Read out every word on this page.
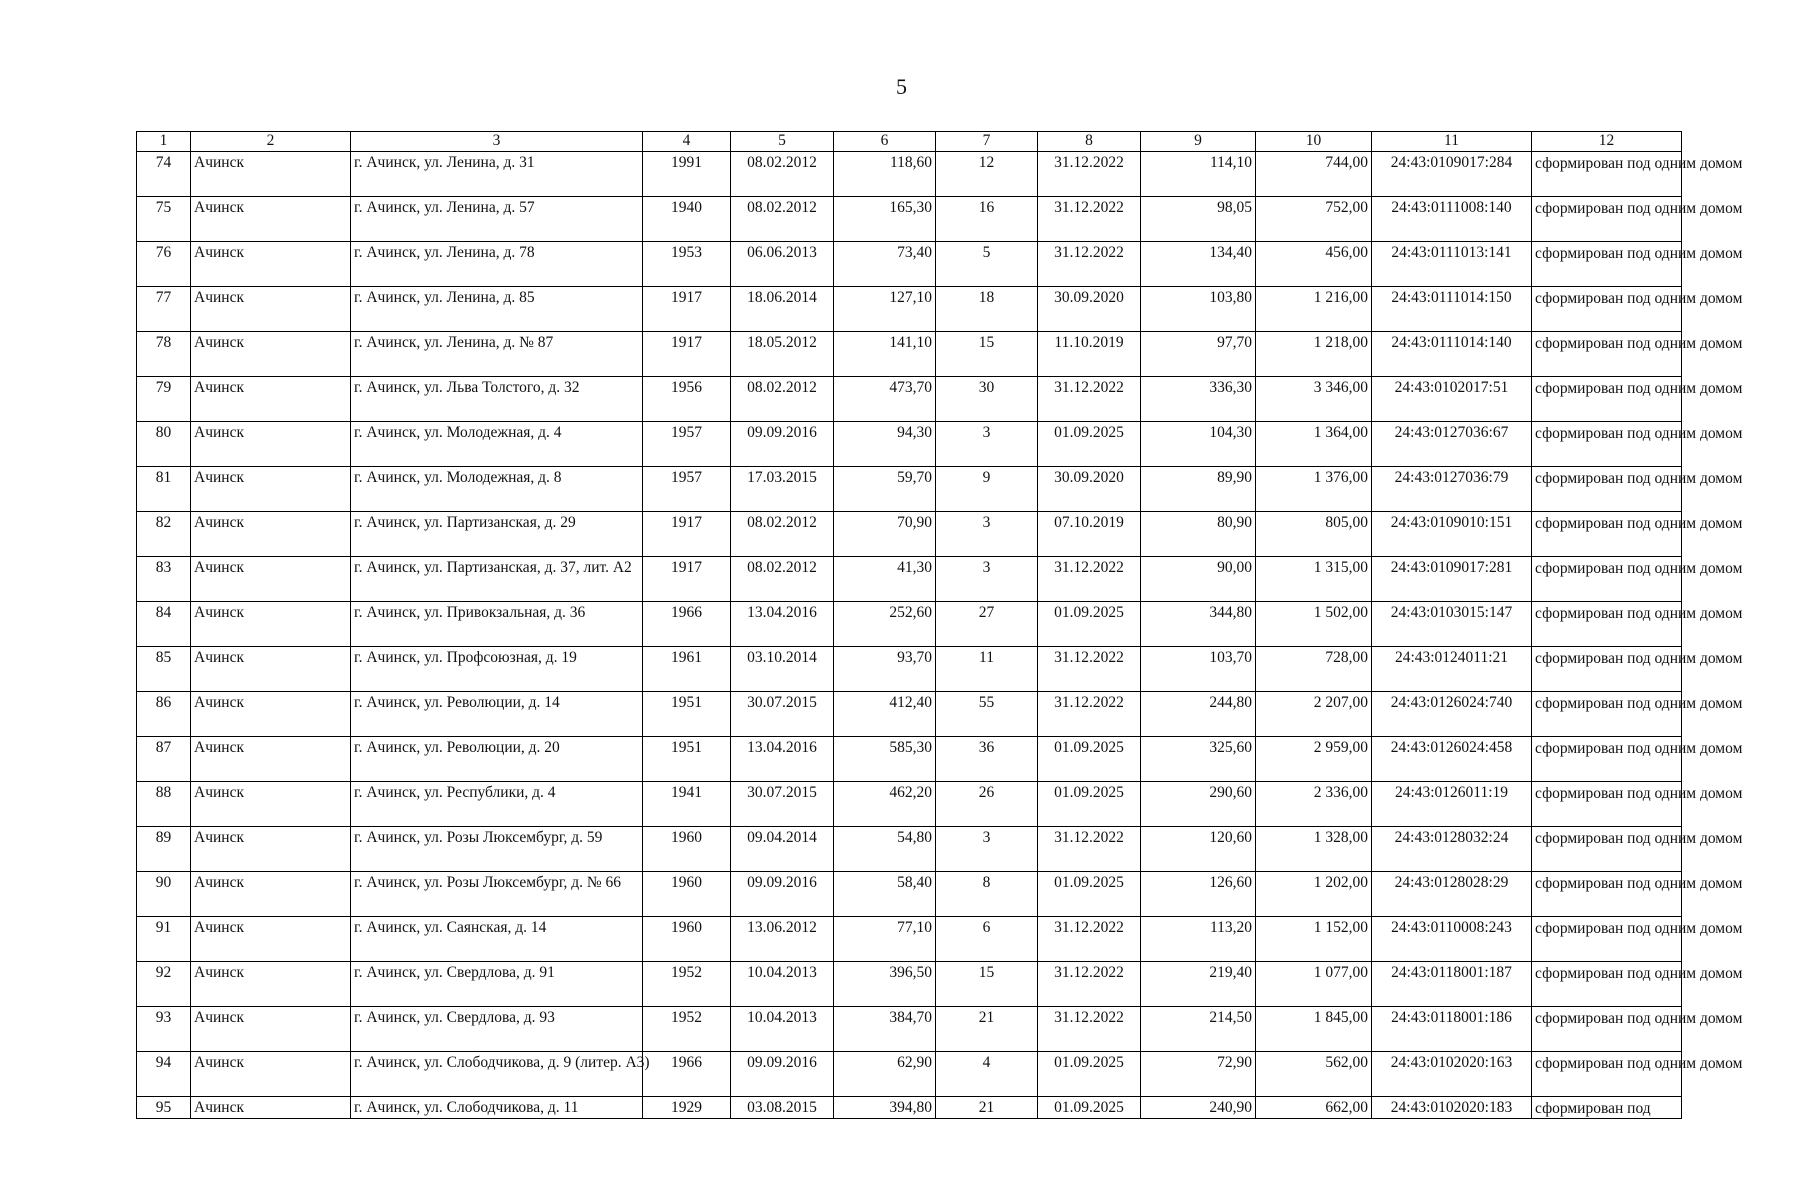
5
1	2	3	4	5	6	7	8	9	10	11	12
74	Ачинск	г. Ачинск, ул. Ленина, д. 31	1991	08.02.2012	118,60	12	31.12.2022	114,10	744,00	24:43:0109017:284	сформирован под одним домом
75	Ачинск	г. Ачинск, ул. Ленина, д. 57	1940	08.02.2012	165,30	16	31.12.2022	98,05	752,00	24:43:0111008:140	сформирован под одним домом
76	Ачинск	г. Ачинск, ул. Ленина, д. 78	1953	06.06.2013	73,40	5	31.12.2022	134,40	456,00	24:43:0111013:141	сформирован под одним домом
77	Ачинск	г. Ачинск, ул. Ленина, д. 85	1917	18.06.2014	127,10	18	30.09.2020	103,80	1 216,00	24:43:0111014:150	сформирован под одним домом
78	Ачинск	г. Ачинск, ул. Ленина, д. № 87	1917	18.05.2012	141,10	15	11.10.2019	97,70	1 218,00	24:43:0111014:140	сформирован под одним домом
79	Ачинск	г. Ачинск, ул. Льва Толстого, д. 32	1956	08.02.2012	473,70	30	31.12.2022	336,30	3 346,00	24:43:0102017:51	сформирован под одним домом
80	Ачинск	г. Ачинск, ул. Молодежная, д. 4	1957	09.09.2016	94,30	3	01.09.2025	104,30	1 364,00	24:43:0127036:67	сформирован под одним домом
81	Ачинск	г. Ачинск, ул. Молодежная, д. 8	1957	17.03.2015	59,70	9	30.09.2020	89,90	1 376,00	24:43:0127036:79	сформирован под одним домом
82	Ачинск	г. Ачинск, ул. Партизанская, д. 29	1917	08.02.2012	70,90	3	07.10.2019	80,90	805,00	24:43:0109010:151	сформирован под одним домом
83	Ачинск	г. Ачинск, ул. Партизанская, д. 37, лит. А2	1917	08.02.2012	41,30	3	31.12.2022	90,00	1 315,00	24:43:0109017:281	сформирован под одним домом
84	Ачинск	г. Ачинск, ул. Привокзальная, д. 36	1966	13.04.2016	252,60	27	01.09.2025	344,80	1 502,00	24:43:0103015:147	сформирован под одним домом
85	Ачинск	г. Ачинск, ул. Профсоюзная, д. 19	1961	03.10.2014	93,70	11	31.12.2022	103,70	728,00	24:43:0124011:21	сформирован под одним домом
86	Ачинск	г. Ачинск, ул. Революции, д. 14	1951	30.07.2015	412,40	55	31.12.2022	244,80	2 207,00	24:43:0126024:740	сформирован под одним домом
87	Ачинск	г. Ачинск, ул. Революции, д. 20	1951	13.04.2016	585,30	36	01.09.2025	325,60	2 959,00	24:43:0126024:458	сформирован под одним домом
88	Ачинск	г. Ачинск, ул. Республики, д. 4	1941	30.07.2015	462,20	26	01.09.2025	290,60	2 336,00	24:43:0126011:19	сформирован под одним домом
89	Ачинск	г. Ачинск, ул. Розы Люксембург, д. 59	1960	09.04.2014	54,80	3	31.12.2022	120,60	1 328,00	24:43:0128032:24	сформирован под одним домом
90	Ачинск	г. Ачинск, ул. Розы Люксембург, д. № 66	1960	09.09.2016	58,40	8	01.09.2025	126,60	1 202,00	24:43:0128028:29	сформирован под одним домом
91	Ачинск	г. Ачинск, ул. Саянская, д. 14	1960	13.06.2012	77,10	6	31.12.2022	113,20	1 152,00	24:43:0110008:243	сформирован под одним домом
92	Ачинск	г. Ачинск, ул. Свердлова, д. 91	1952	10.04.2013	396,50	15	31.12.2022	219,40	1 077,00	24:43:0118001:187	сформирован под одним домом
93	Ачинск	г. Ачинск, ул. Свердлова, д. 93	1952	10.04.2013	384,70	21	31.12.2022	214,50	1 845,00	24:43:0118001:186	сформирован под одним домом
94	Ачинск	г. Ачинск, ул. Слободчикова, д. 9 (литер. А3)	1966	09.09.2016	62,90	4	01.09.2025	72,90	562,00	24:43:0102020:163	сформирован под одним домом
95	Ачинск	г. Ачинск, ул. Слободчикова, д. 11	1929	03.08.2015	394,80	21	01.09.2025	240,90	662,00	24:43:0102020:183	сформирован под
